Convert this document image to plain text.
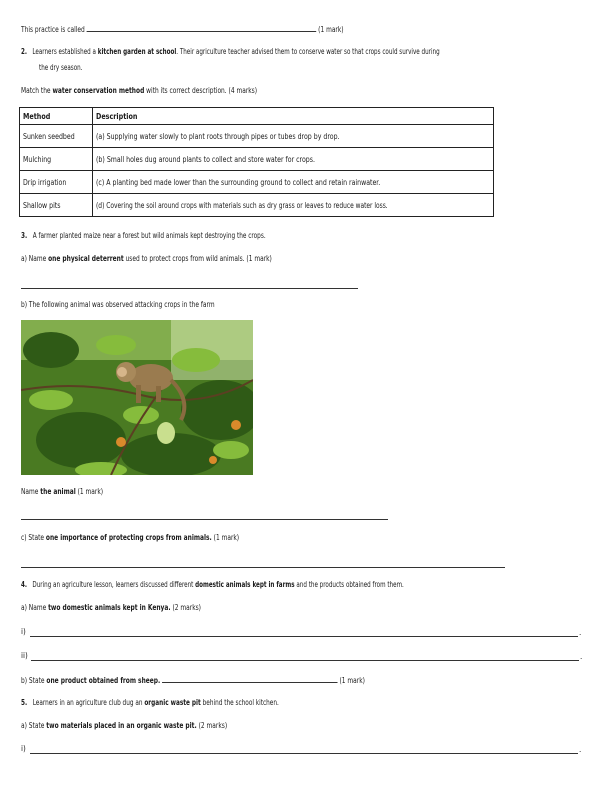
This practice is called	(1 mark)
2. Learners established a kitchen garden at school. Their agriculture teacher advised them to conserve water so that crops could survive during
the dry season.
Match the water conservation method with its correct description. (4 marks)
Method	Description
Sunken seedbed	(a) Supplying water slowly to plant roots through pipes or tubes drop by drop.
Mulching	(b) Small holes dug around plants to collect and store water for crops.
Drip irrigation	(c) A planting bed made lower than the surrounding ground to collect and retain rainwater.
Shallow pits	(d) Covering the soil around crops with materials such as dry grass or leaves to reduce water loss.
3. A farmer planted maize near a forest but wild animals kept destroying the crops.
a) Name one physical deterrent used to protect crops from wild animals. (1 mark)
b) The following animal was observed attacking crops in the farm
Name the animal (1 mark)
c) State one importance of protecting crops from animals. (1 mark)
4. During an agriculture lesson, learners discussed different domestic animals kept in farms and the products obtained from them.
a) Name two domestic animals kept in Kenya. (2 marks)
i)	.
ii)	.
b) State one product obtained from sheep.	(1 mark)
5. Learners in an agriculture club dug an organic waste pit behind the school kitchen.
a) State two materials placed in an organic waste pit. (2 marks)
i)	.
